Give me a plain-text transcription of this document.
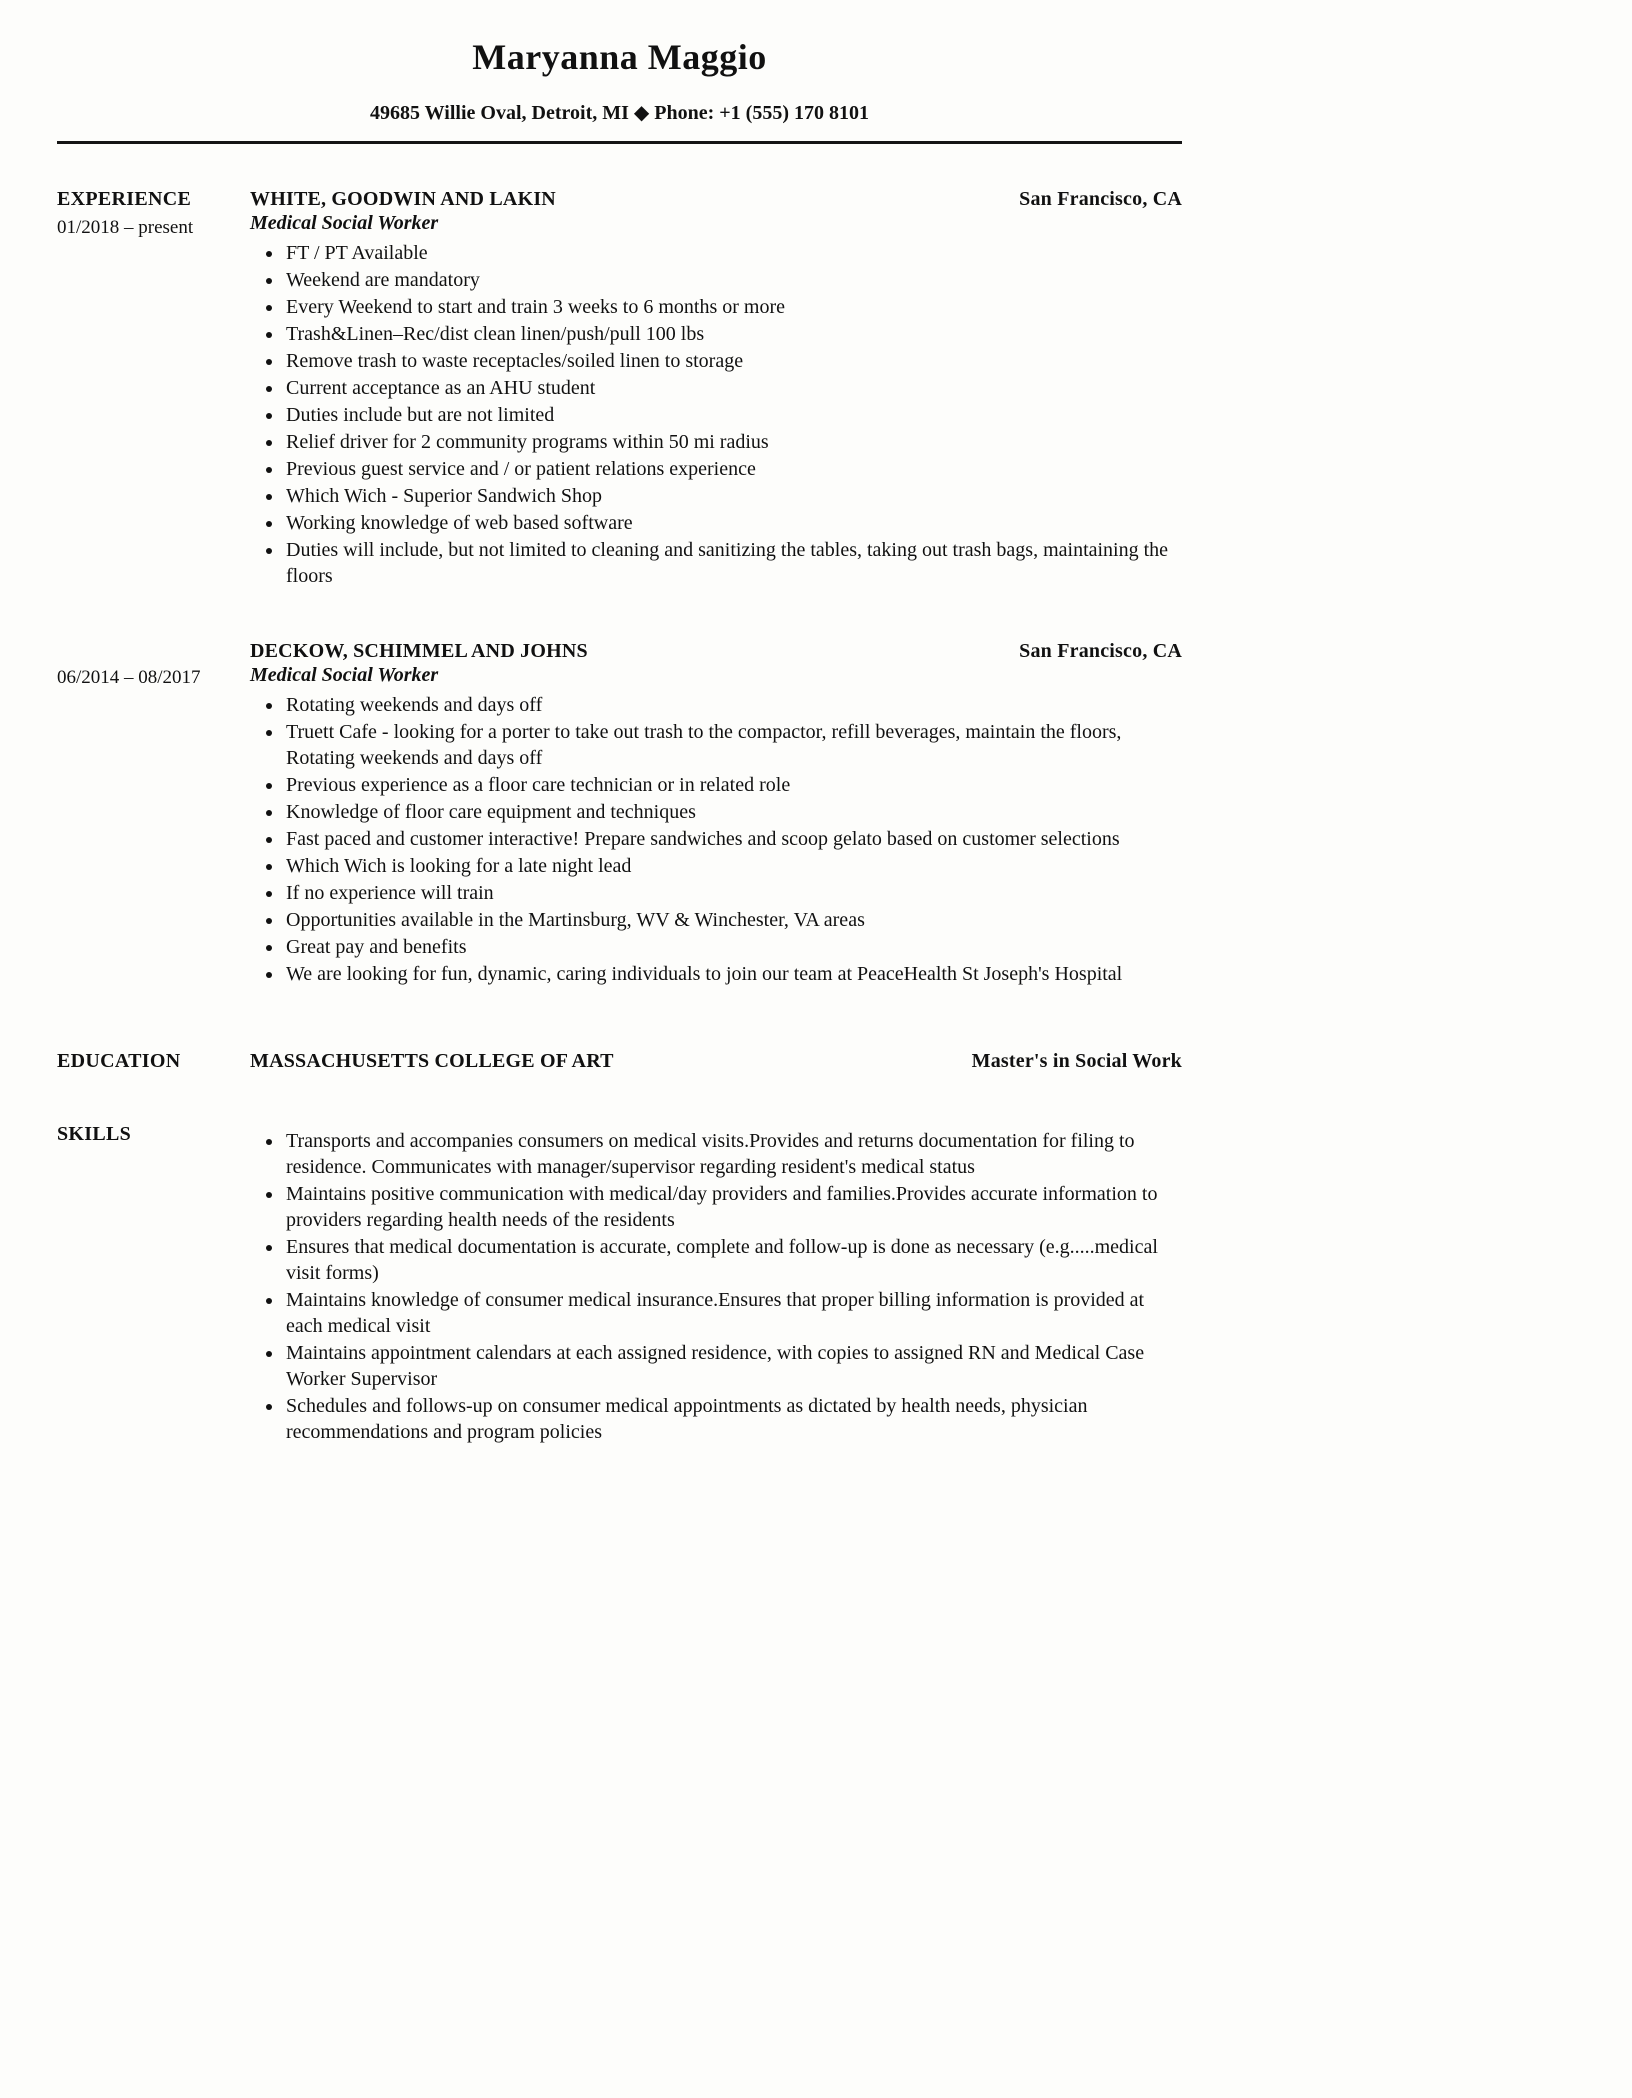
Maryanna Maggio
49685 Willie Oval, Detroit, MI ◆ Phone: +1 (555) 170 8101
EXPERIENCE
01/2018 – present
WHITE, GOODWIN AND LAKIN	San Francisco, CA
Medical Social Worker
• FT / PT Available
• Weekend are mandatory
• Every Weekend to start and train 3 weeks to 6 months or more
• Trash&Linen–Rec/dist clean linen/push/pull 100 lbs
• Remove trash to waste receptacles/soiled linen to storage
• Current acceptance as an AHU student
• Duties include but are not limited
• Relief driver for 2 community programs within 50 mi radius
• Previous guest service and / or patient relations experience
• Which Wich - Superior Sandwich Shop
• Working knowledge of web based software
• Duties will include, but not limited to cleaning and sanitizing the tables, taking out trash bags, maintaining the floors
06/2014 – 08/2017
DECKOW, SCHIMMEL AND JOHNS	San Francisco, CA
Medical Social Worker
• Rotating weekends and days off
• Truett Cafe - looking for a porter to take out trash to the compactor, refill beverages, maintain the floors, Rotating weekends and days off
• Previous experience as a floor care technician or in related role
• Knowledge of floor care equipment and techniques
• Fast paced and customer interactive! Prepare sandwiches and scoop gelato based on customer selections
• Which Wich is looking for a late night lead
• If no experience will train
• Opportunities available in the Martinsburg, WV & Winchester, VA areas
• Great pay and benefits
• We are looking for fun, dynamic, caring individuals to join our team at PeaceHealth St Joseph's Hospital
EDUCATION	MASSACHUSETTS COLLEGE OF ART	Master's in Social Work
SKILLS	• Transports and accompanies consumers on medical visits.Provides and returns documentation for filing to residence. Communicates with manager/supervisor regarding resident's medical status
• Maintains positive communication with medical/day providers and families.Provides accurate information to providers regarding health needs of the residents
• Ensures that medical documentation is accurate, complete and follow-up is done as necessary (e.g.....medical visit forms)
• Maintains knowledge of consumer medical insurance.Ensures that proper billing information is provided at each medical visit
• Maintains appointment calendars at each assigned residence, with copies to assigned RN and Medical Case Worker Supervisor
• Schedules and follows-up on consumer medical appointments as dictated by health needs, physician recommendations and program policies
